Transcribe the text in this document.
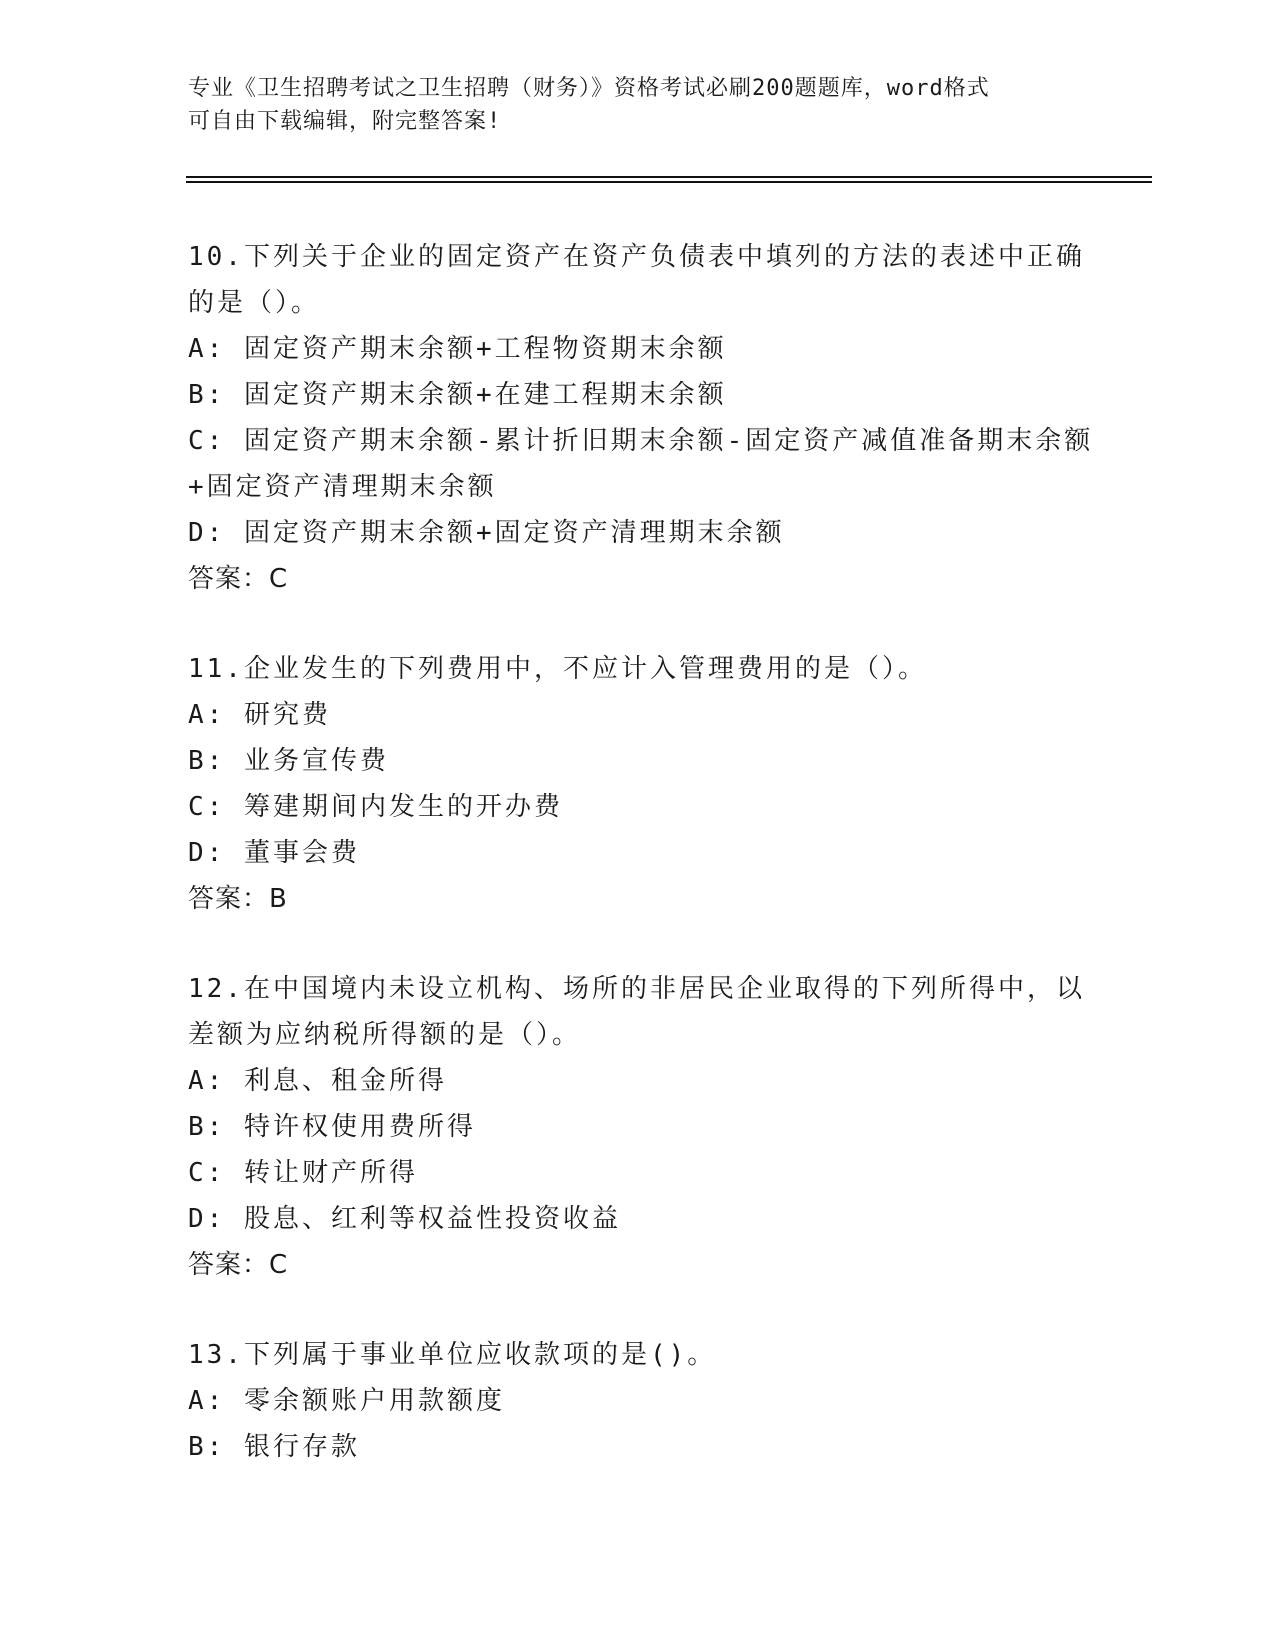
专业《卫生招聘考试之卫生招聘（财务）》资格考试必刷200题题库，word格式
可自由下载编辑，附完整答案!
10.下列关于企业的固定资产在资产负债表中填列的方法的表述中正确
的是（）。
A: 固定资产期末余额+工程物资期末余额
B: 固定资产期末余额+在建工程期末余额
C: 固定资产期末余额-累计折旧期末余额-固定资产减值准备期末余额
+固定资产清理期末余额
D: 固定资产期末余额+固定资产清理期末余额
答案：C
11.企业发生的下列费用中，不应计入管理费用的是（）。
A: 研究费
B: 业务宣传费
C: 筹建期间内发生的开办费
D: 董事会费
答案：B
12.在中国境内未设立机构、场所的非居民企业取得的下列所得中，以
差额为应纳税所得额的是（）。
A: 利息、租金所得
B: 特许权使用费所得
C: 转让财产所得
D: 股息、红利等权益性投资收益
答案：C
13.下列属于事业单位应收款项的是()。
A: 零余额账户用款额度
B: 银行存款
